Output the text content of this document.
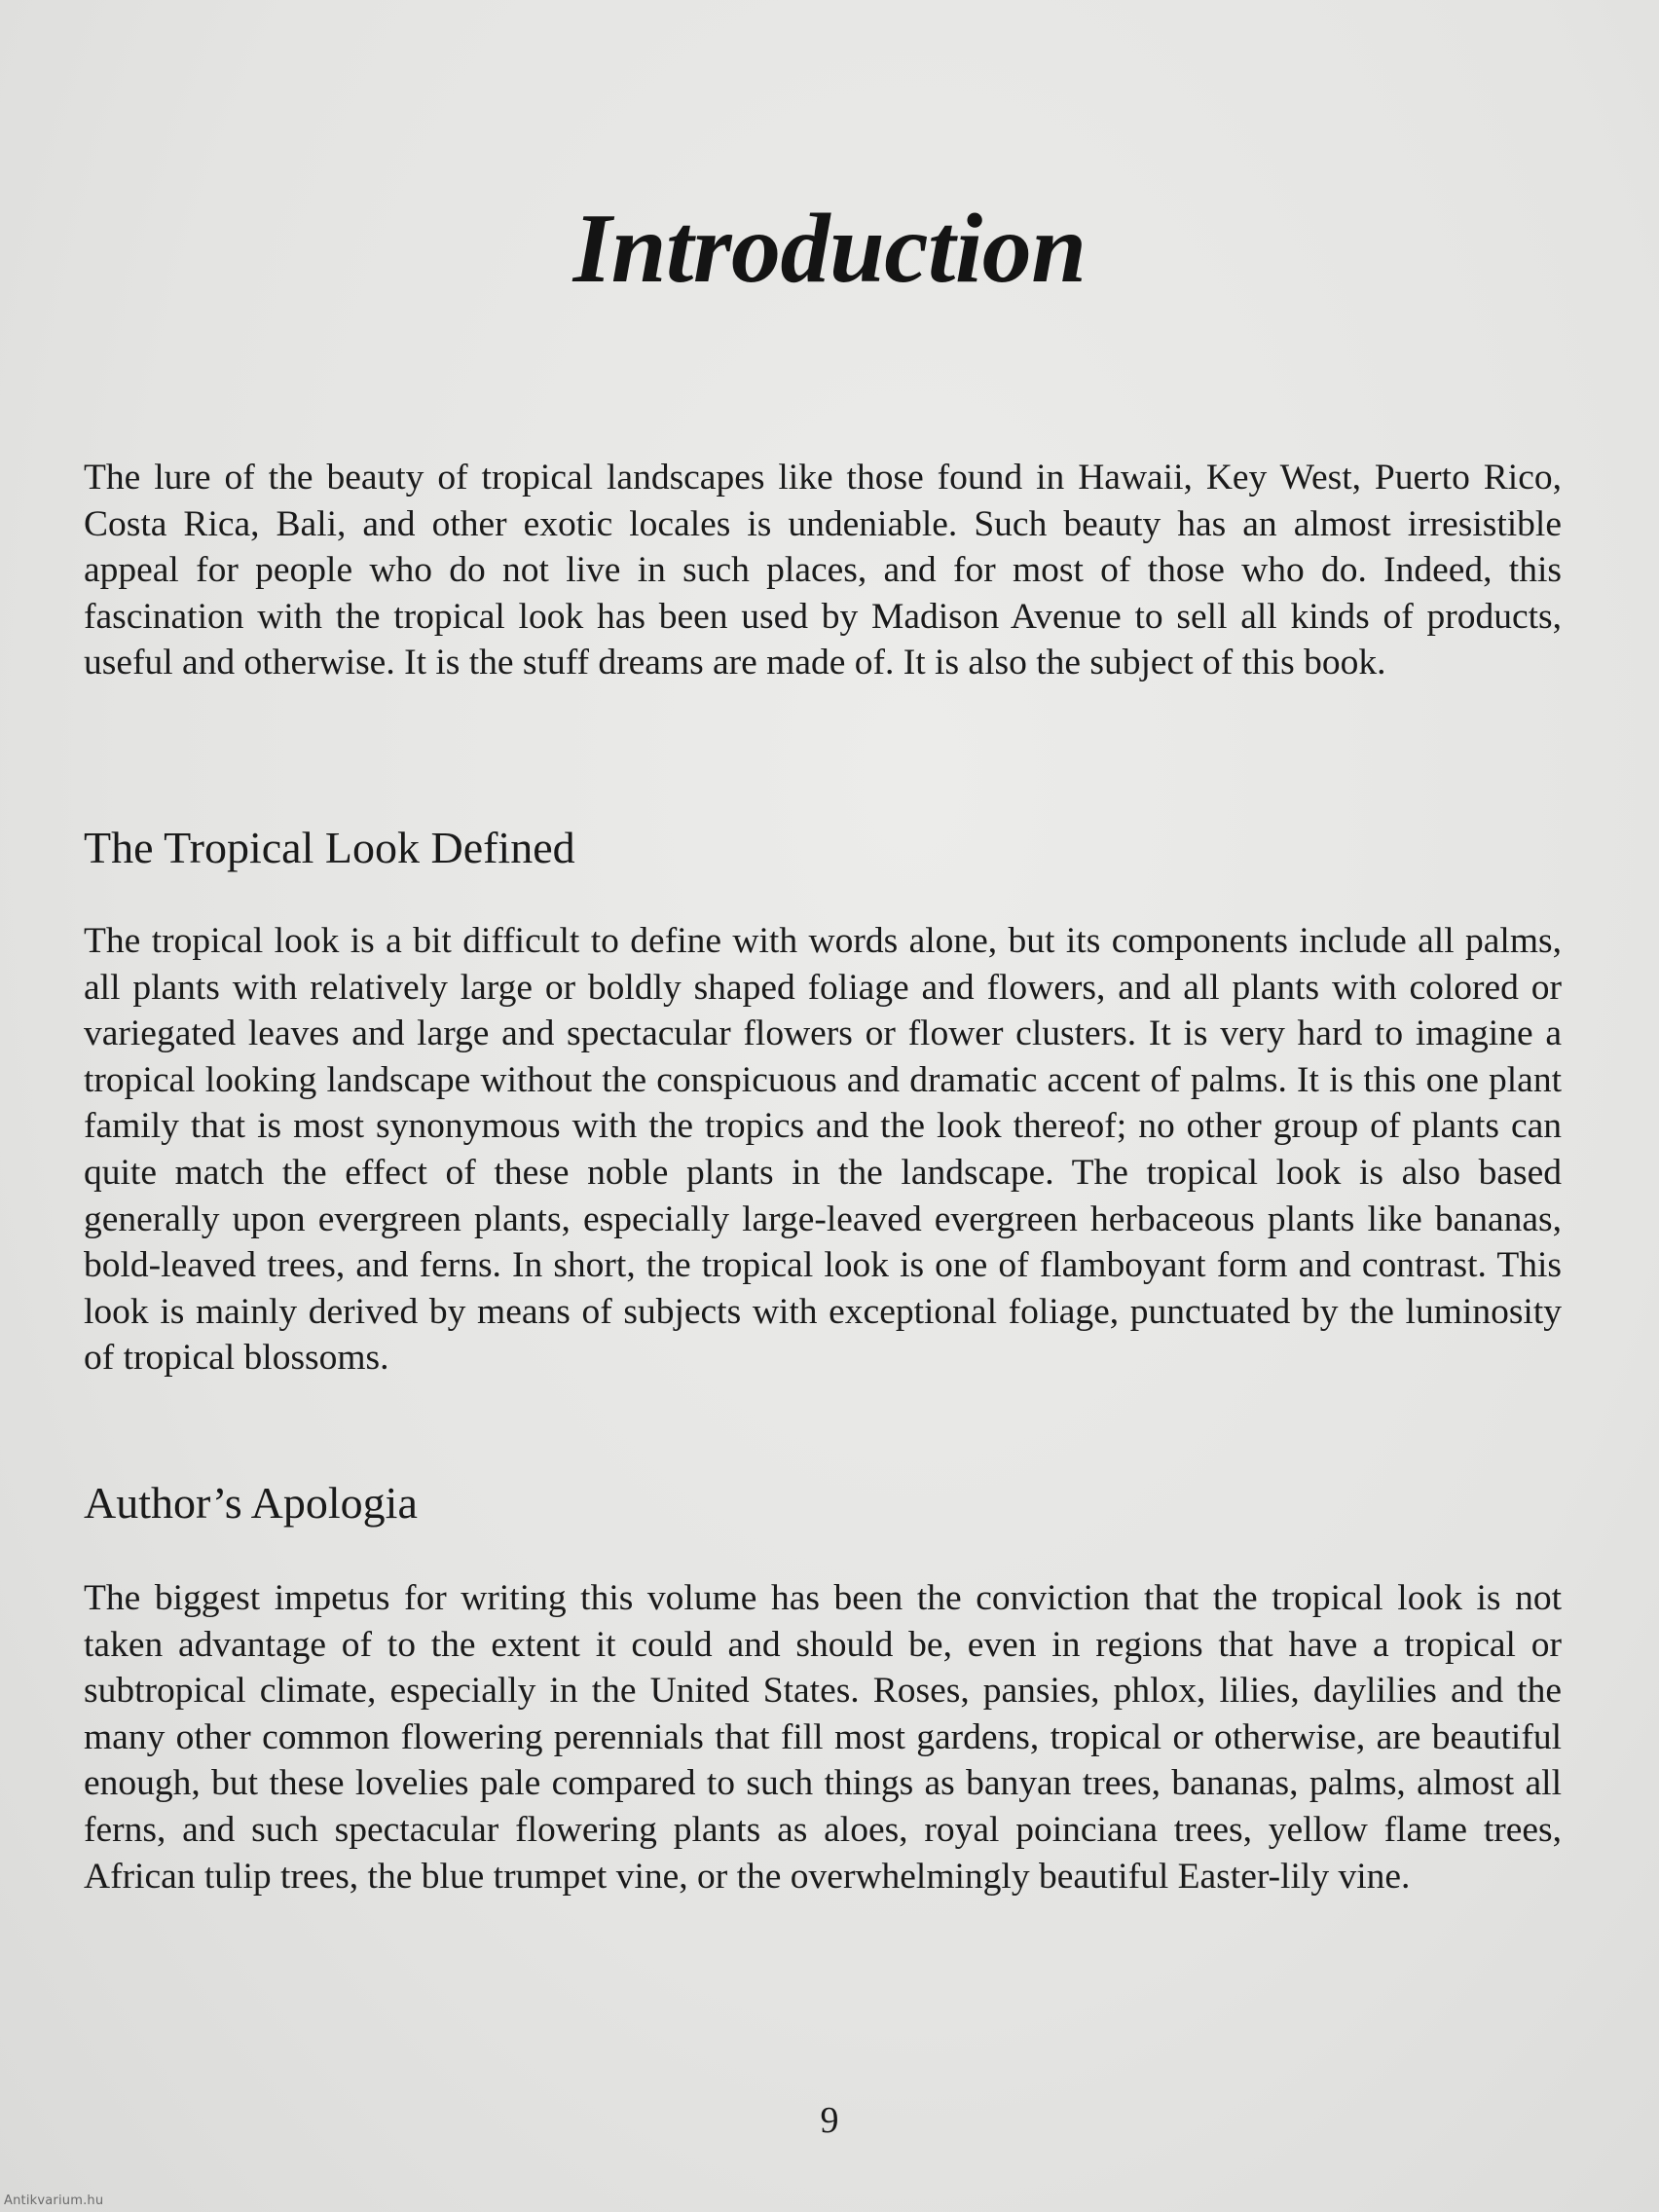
Introduction

The lure of the beauty of tropical landscapes like those found in Hawaii, Key West, Puerto Rico, Costa Rica, Bali, and other exotic locales is undeniable. Such beauty has an almost irresistible appeal for people who do not live in such places, and for most of those who do. Indeed, this fascination with the tropical look has been used by Madison Avenue to sell all kinds of products, useful and otherwise. It is the stuff dreams are made of. It is also the subject of this book.

The Tropical Look Defined

The tropical look is a bit difficult to define with words alone, but its components include all palms, all plants with relatively large or boldly shaped foliage and flowers, and all plants with colored or variegated leaves and large and spectacular flowers or flower clusters. It is very hard to imagine a tropical looking landscape without the conspicuous and dramatic accent of palms. It is this one plant family that is most synonymous with the tropics and the look thereof; no other group of plants can quite match the effect of these noble plants in the landscape. The tropical look is also based generally upon evergreen plants, especially large-leaved evergreen herbaceous plants like bananas, bold-leaved trees, and ferns. In short, the tropical look is one of flamboyant form and contrast. This look is mainly derived by means of subjects with exceptional foliage, punctuated by the luminosity of tropical blossoms.

Author’s Apologia

The biggest impetus for writing this volume has been the conviction that the tropical look is not taken advantage of to the extent it could and should be, even in regions that have a tropical or subtropical climate, especially in the United States. Roses, pansies, phlox, lilies, daylilies and the many other common flowering perennials that fill most gardens, tropical or otherwise, are beautiful enough, but these lovelies pale compared to such things as banyan trees, bananas, palms, almost all ferns, and such spectacular flowering plants as aloes, royal poinciana trees, yellow flame trees, African tulip trees, the blue trumpet vine, or the overwhelmingly beautiful Easter-lily vine.

9
Antikvarium.hu
